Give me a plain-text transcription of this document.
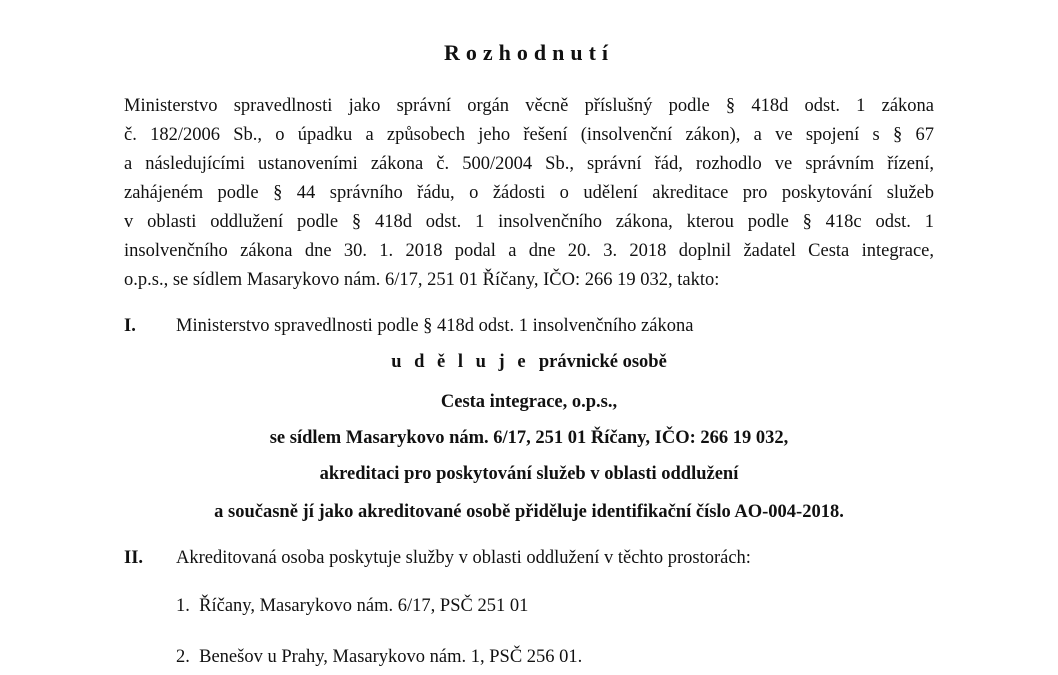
Rozhodnutí
Ministerstvo spravedlnosti jako správní orgán věcně příslušný podle § 418d odst. 1 zákona
č. 182/2006 Sb., o úpadku a způsobech jeho řešení (insolvenční zákon), a ve spojení s § 67
a následujícími ustanoveními zákona č. 500/2004 Sb., správní řád, rozhodlo ve správním řízení,
zahájeném podle § 44 správního řádu, o žádosti o udělení akreditace pro poskytování služeb
v oblasti oddlužení podle § 418d odst. 1 insolvenčního zákona, kterou podle § 418c odst. 1
insolvenčního zákona dne 30. 1. 2018 podal a dne 20. 3. 2018 doplnil žadatel Cesta integrace,
o.p.s., se sídlem Masarykovo nám. 6/17, 251 01 Říčany, IČO: 266 19 032, takto:
I. Ministerstvo spravedlnosti podle § 418d odst. 1 insolvenčního zákona
u d ě l u j e právnické osobě
Cesta integrace, o.p.s.,
se sídlem Masarykovo nám. 6/17, 251 01 Říčany, IČO: 266 19 032,
akreditaci pro poskytování služeb v oblasti oddlužení
a současně jí jako akreditované osobě přiděluje identifikační číslo AO-004-2018.
II. Akreditovaná osoba poskytuje služby v oblasti oddlužení v těchto prostorách:
1. Říčany, Masarykovo nám. 6/17, PSČ 251 01
2. Benešov u Prahy, Masarykovo nám. 1, PSČ 256 01.
